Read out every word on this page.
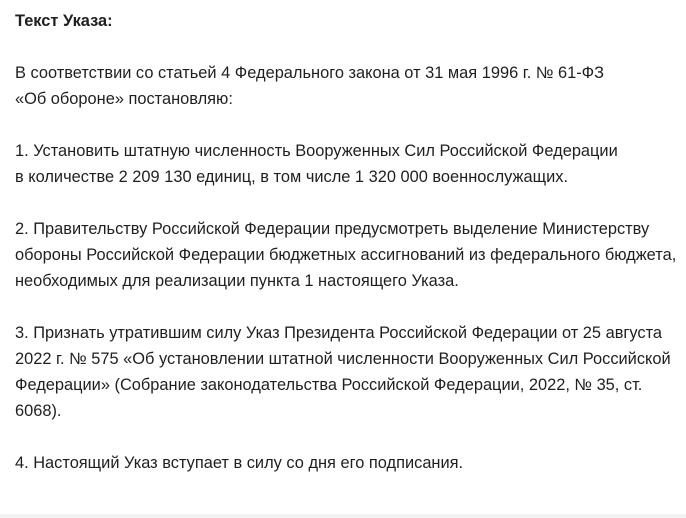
Текст Указа:

В соответствии со статьей 4 Федерального закона от 31 мая 1996 г. № 61-ФЗ
«Об обороне» постановляю:

1. Установить штатную численность Вооруженных Сил Российской Федерации
в количестве 2 209 130 единиц, в том числе 1 320 000 военнослужащих.

2. Правительству Российской Федерации предусмотреть выделение Министерству
обороны Российской Федерации бюджетных ассигнований из федерального бюджета,
необходимых для реализации пункта 1 настоящего Указа.

3. Признать утратившим силу Указ Президента Российской Федерации от 25 августа
2022 г. № 575 «Об установлении штатной численности Вооруженных Сил Российской
Федерации» (Собрание законодательства Российской Федерации, 2022, № 35, ст.
6068).

4. Настоящий Указ вступает в силу со дня его подписания.
